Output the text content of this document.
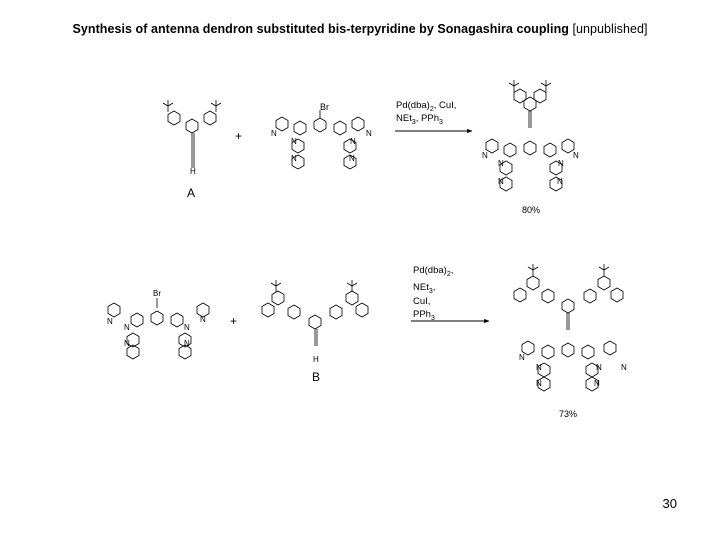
Synthesis of antenna dendron substituted bis-terpyridine by Sonagashira coupling [unpublished]
H
A
+
Br
N	N
N	N
N	N
$Pd(dba)_2$, CuI,
NEt$_3$, PPh$_3$
N	N
N	N
N	N
80%
Br
N	N
N	N
N	N
+
H
B
$Pd(dba)_2$,
NEt$_3$,
CuI,
PPh$_3$
N
N
N	N
N	N
73%
30
